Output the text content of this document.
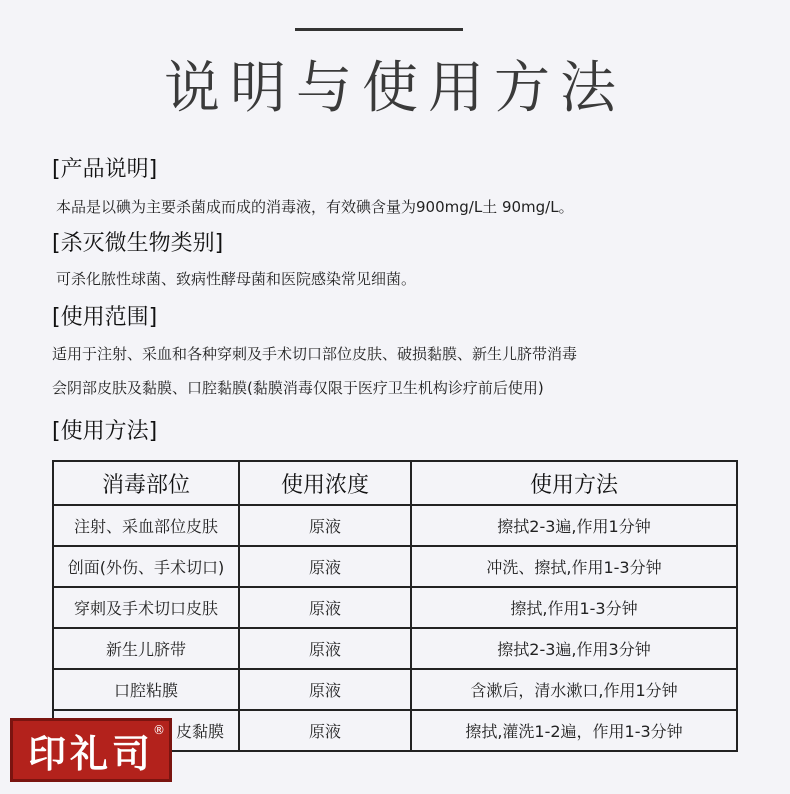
说明与使用方法
[产品说明]
本品是以碘为主要杀菌成而成的消毒液，有效碘含量为900mg/L土 90mg/L。
[杀灭微生物类别]
可杀化脓性球菌、致病性酵母菌和医院感染常见细菌。
[使用范围]
适用于注射、采血和各种穿刺及手术切口部位皮肤、破损黏膜、新生儿脐带消毒
会阴部皮肤及黏膜、口腔黏膜(黏膜消毒仅限于医疗卫生机构诊疗前后使用)
[使用方法]
消毒部位	使用浓度	使用方法
注射、采血部位皮肤	原液	擦拭2-3遍,作用1分钟
创面(外伤、手术切口)	原液	冲洗、擦拭,作用1-3分钟
穿刺及手术切口皮肤	原液	擦拭,作用1-3分钟
新生儿脐带	原液	擦拭2-3遍,作用3分钟
口腔粘膜	原液	含漱后，清水漱口,作用1分钟
皮黏膜	原液	擦拭,灌洗1-2遍，作用1-3分钟
印礼司
®
